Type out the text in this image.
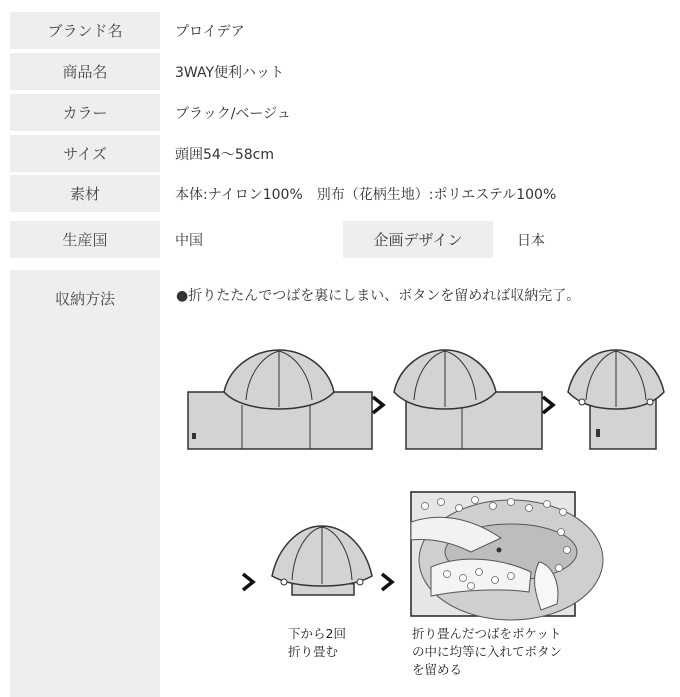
ブランド名	プロイデア
商品名	3WAY便利ハット
カラー	ブラック/ベージュ
サイズ	頭囲54〜58cm
素材	本体:ナイロン100%　別布（花柄生地）:ポリエステル100%
生産国	中国	企画デザイン	日本
収納方法	●折りたたんでつばを裏にしまい、ボタンを留めれば収納完了。
下から2回
折り畳む
折り畳んだつばをポケット
の中に均等に入れてボタン
を留める
